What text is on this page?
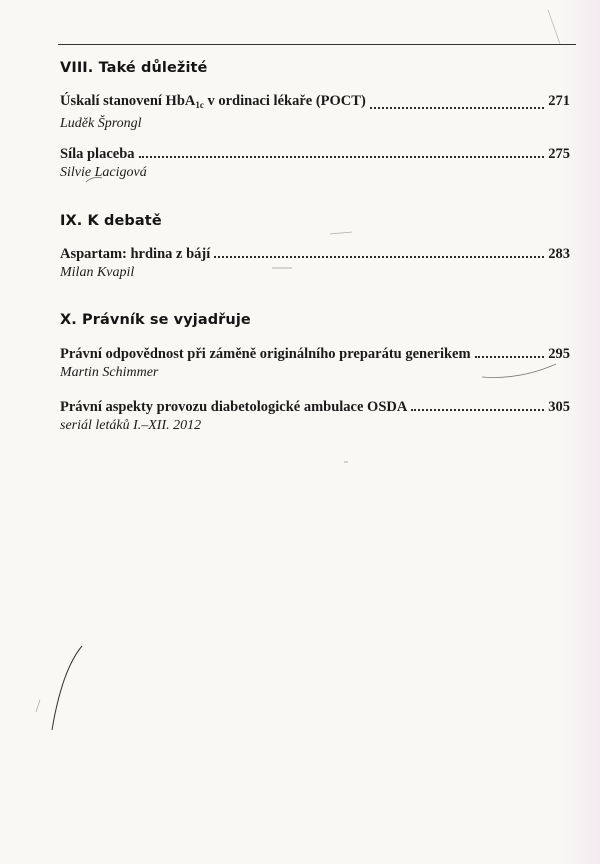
VIII. Také důležité
Úskalí stanovení HbA$_{1c}$ v ordinaci lékaře (POCT)	271
Luděk Šprongl
Síla placeba	275
Silvie Lacigová
IX. K debatě
Aspartam: hrdina z bájí	283
Milan Kvapil
X. Právník se vyjadřuje
Právní odpovědnost při záměně originálního preparátu generikem	295
Martin Schimmer
Právní aspekty provozu diabetologické ambulace OSDA	305
seriál letáků I.–XII. 2012
